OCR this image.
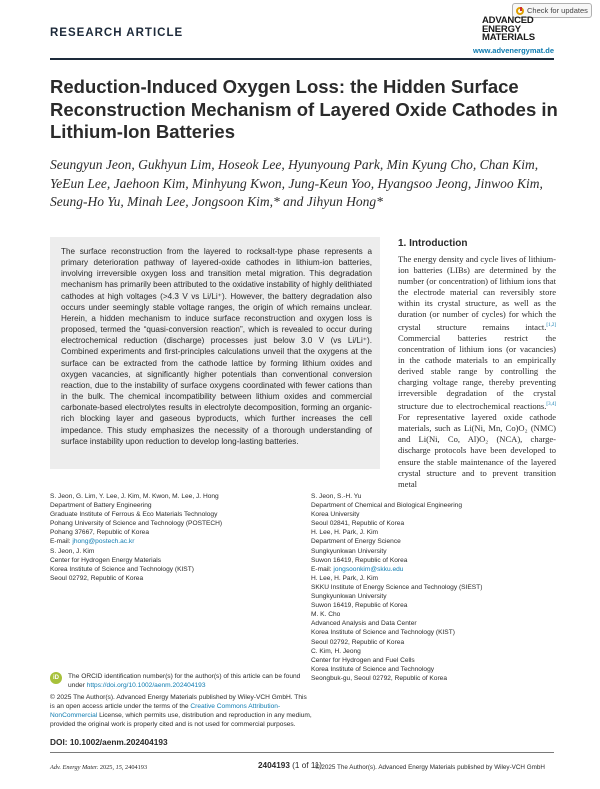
Check for updates
RESEARCH ARTICLE
ADVANCED
ENERGY
MATERIALS
www.advenergymat.de
Reduction-Induced Oxygen Loss: the Hidden Surface Reconstruction Mechanism of Layered Oxide Cathodes in Lithium-Ion Batteries
Seungyun Jeon, Gukhyun Lim, Hoseok Lee, Hyunyoung Park, Min Kyung Cho, Chan Kim, YeEun Lee, Jaehoon Kim, Minhyung Kwon, Jung-Keun Yoo, Hyangsoo Jeong, Jinwoo Kim, Seung-Ho Yu, Minah Lee, Jongsoon Kim,* and Jihyun Hong*
The surface reconstruction from the layered to rocksalt-type phase represents a primary deterioration pathway of layered-oxide cathodes in lithium-ion batteries, involving irreversible oxygen loss and transition metal migration. This degradation mechanism has primarily been attributed to the oxidative instability of highly delithiated cathodes at high voltages (>4.3 V vs Li/Li⁺). However, the battery degradation also occurs under seemingly stable voltage ranges, the origin of which remains unclear. Herein, a hidden mechanism to induce surface reconstruction and oxygen loss is proposed, termed the “quasi-conversion reaction”, which is revealed to occur during electrochemical reduction (discharge) processes just below 3.0 V (vs Li/Li⁺). Combined experiments and first-principles calculations unveil that the oxygens at the surface can be extracted from the cathode lattice by forming lithium oxides and oxygen vacancies, at significantly higher potentials than conventional conversion reaction, due to the instability of surface oxygens coordinated with fewer cations than in the bulk. The chemical incompatibility between lithium oxides and commercial carbonate-based electrolytes results in electrolyte decomposition, forming an organic-rich blocking layer and gaseous byproducts, which further increases the cell impedance. This study emphasizes the necessity of a thorough understanding of surface instability upon reduction to develop long-lasting batteries.
1. Introduction
The energy density and cycle lives of lithium-ion batteries (LIBs) are determined by the number (or concentration) of lithium ions that the electrode material can reversibly store within its crystal structure, as well as the duration (or number of cycles) for which the crystal structure remains intact.[1,2] Commercial batteries restrict the concentration of lithium ions (or vacancies) in the cathode materials to an empirically derived stable range by controlling the charging voltage range, thereby preventing irreversible degradation of the crystal structure due to electrochemical reactions.[3,4] For representative layered oxide cathode materials, such as Li(Ni, Mn, Co)O₂ (NMC) and Li(Ni, Co, Al)O₂ (NCA), charge-discharge protocols have been developed to ensure the stable maintenance of the layered crystal structure and to prevent transition metal
S. Jeon, G. Lim, Y. Lee, J. Kim, M. Kwon, M. Lee, J. Hong
Department of Battery Engineering
Graduate Institute of Ferrous & Eco Materials Technology
Pohang University of Science and Technology (POSTECH)
Pohang 37667, Republic of Korea
E-mail: jhong@postech.ac.kr
S. Jeon, J. Kim
Center for Hydrogen Energy Materials
Korea Institute of Science and Technology (KIST)
Seoul 02792, Republic of Korea
S. Jeon, S.-H. Yu
Department of Chemical and Biological Engineering
Korea University
Seoul 02841, Republic of Korea
H. Lee, H. Park, J. Kim
Department of Energy Science
Sungkyunkwan University
Suwon 16419, Republic of Korea
E-mail: jongsoonkim@skku.edu
H. Lee, H. Park, J. Kim
SKKU Institute of Energy Science and Technology (SIEST)
Sungkyunkwan University
Suwon 16419, Republic of Korea
M. K. Cho
Advanced Analysis and Data Center
Korea Institute of Science and Technology (KIST)
Seoul 02792, Republic of Korea
C. Kim, H. Jeong
Center for Hydrogen and Fuel Cells
Korea Institute of Science and Technology
Seongbuk-gu, Seoul 02792, Republic of Korea
iD	The ORCID identification number(s) for the author(s) of this article can be found under https://doi.org/10.1002/aenm.202404193
© 2025 The Author(s). Advanced Energy Materials published by Wiley-VCH GmbH. This is an open access article under the terms of the Creative Commons Attribution-NonCommercial License, which permits use, distribution and reproduction in any medium, provided the original work is properly cited and is not used for commercial purposes.
DOI: 10.1002/aenm.202404193
Adv. Energy Mater. 2025, 15, 2404193	2404193 (1 of 11)
© 2025 The Author(s). Advanced Energy Materials published by Wiley-VCH GmbH
